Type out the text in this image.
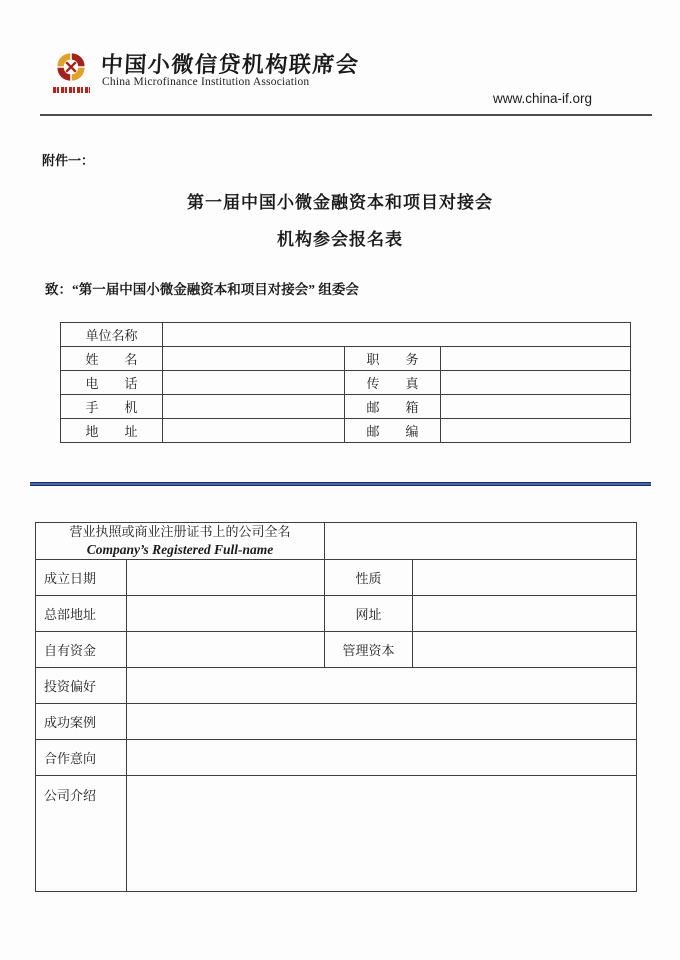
中国小微信贷机构联席会
China Microfinance Institution Association
www.china-if.org
附件一：
第一届中国小微金融资本和项目对接会
机构参会报名表
致：“第一届中国小微金融资本和项目对接会” 组委会
单位名称			
姓　　名		职　　务	
电　　话		传　　真	
手　　机		邮　　箱	
地　　址		邮　　编	
营业执照或商业注册证书上的公司全名
Company’s Registered Full-name			

成立日期		性质	
总部地址		网址	
自有资金		管理资本	
投资偏好			
成功案例			
合作意向			
公司介绍			
